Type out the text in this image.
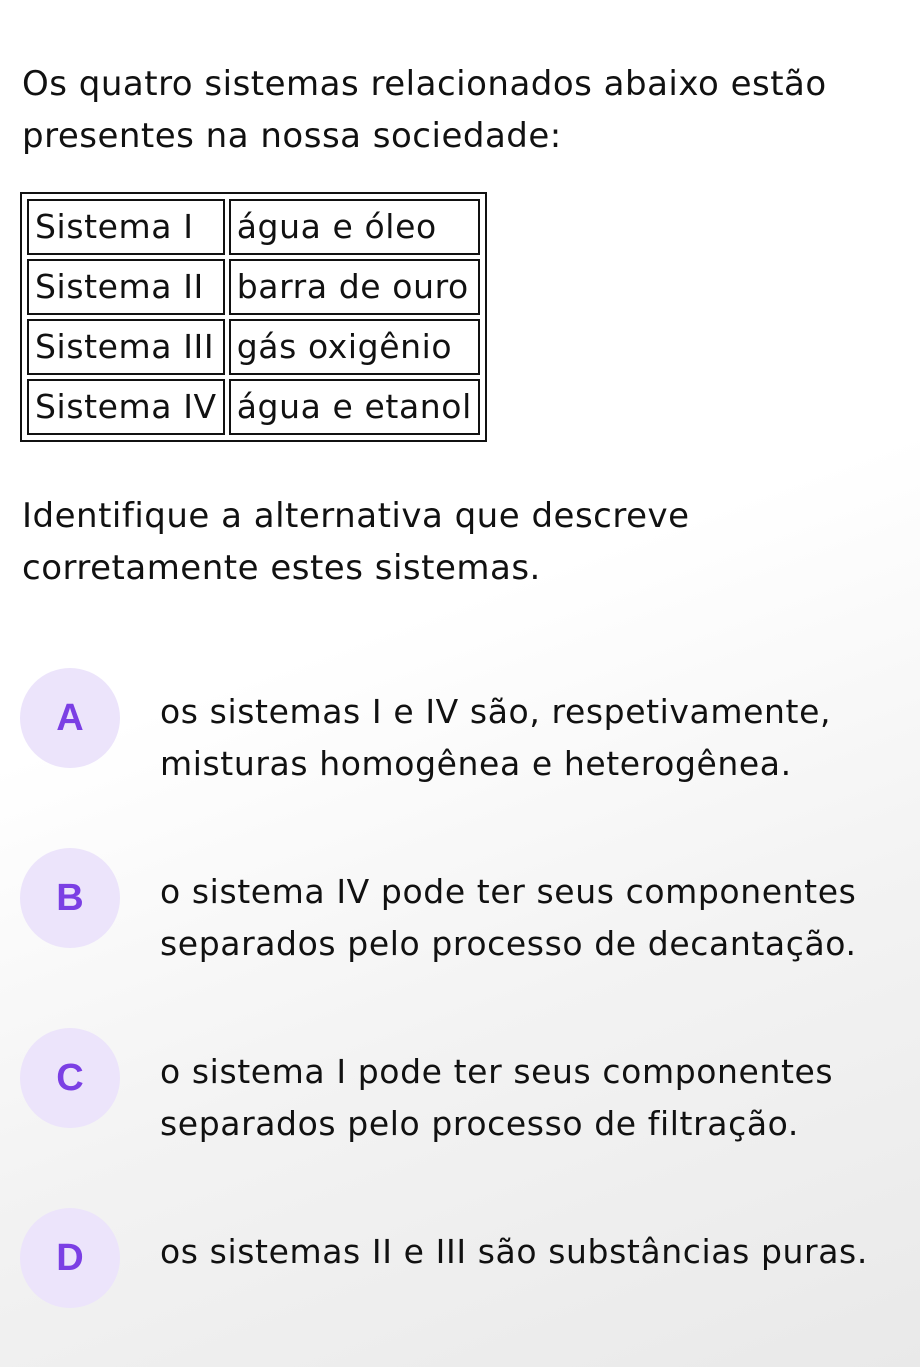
Os quatro sistemas relacionados abaixo estão presentes na nossa sociedade:

Sistema I	água e óleo
Sistema II	barra de ouro
Sistema III	gás oxigênio
Sistema IV	água e etanol

Identifique a alternativa que descreve corretamente estes sistemas.

A	os sistemas I e IV são, respetivamente, misturas homogênea e heterogênea.
B	o sistema IV pode ter seus componentes separados pelo processo de decantação.
C	o sistema I pode ter seus componentes separados pelo processo de filtração.
D	os sistemas II e III são substâncias puras.
